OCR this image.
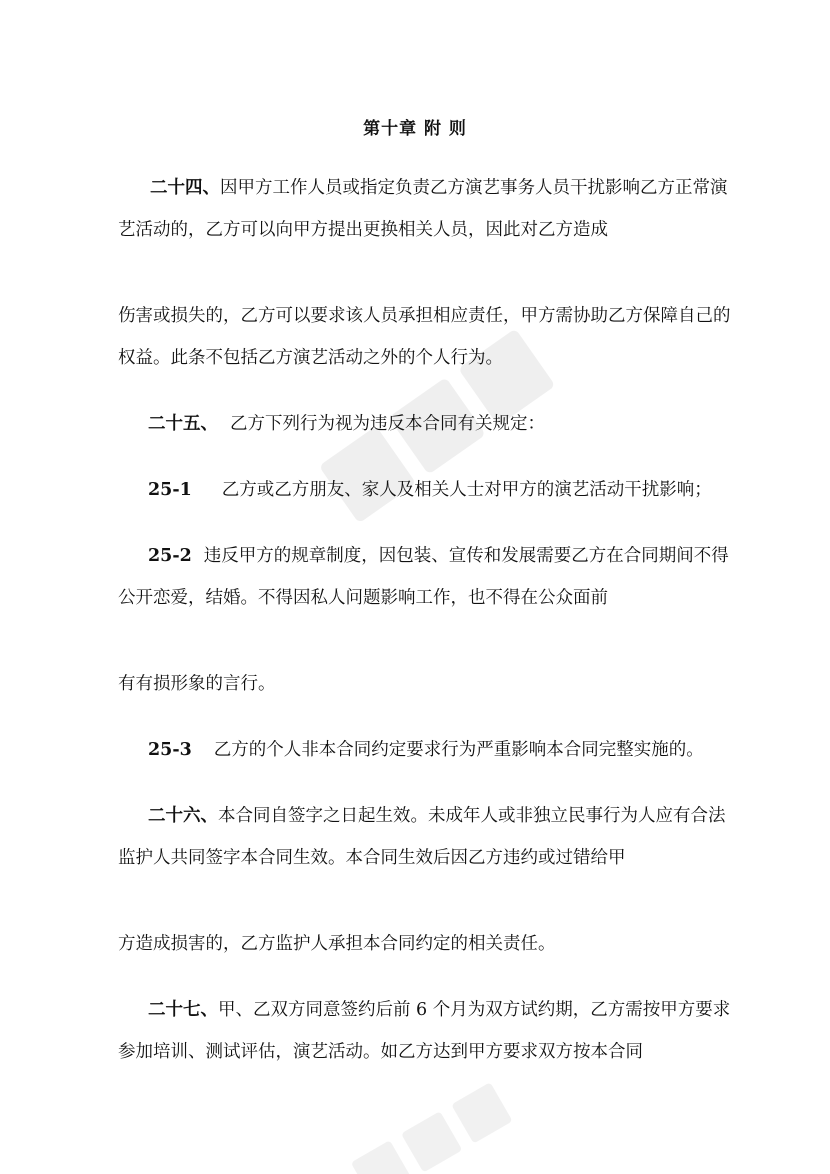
第十章 附 则
二十四、因甲方工作人员或指定负责乙方演艺事务人员干扰影响乙方正常演
艺活动的，乙方可以向甲方提出更换相关人员，因此对乙方造成
伤害或损失的，乙方可以要求该人员承担相应责任，甲方需协助乙方保障自己的
权益。此条不包括乙方演艺活动之外的个人行为。
二十五、 乙方下列行为视为违反本合同有关规定：
25-1 乙方或乙方朋友、家人及相关人士对甲方的演艺活动干扰影响；
25-2 违反甲方的规章制度，因包装、宣传和发展需要乙方在合同期间不得
公开恋爱，结婚。不得因私人问题影响工作，也不得在公众面前
有有损形象的言行。
25-3 乙方的个人非本合同约定要求行为严重影响本合同完整实施的。
二十六、本合同自签字之日起生效。未成年人或非独立民事行为人应有合法
监护人共同签字本合同生效。本合同生效后因乙方违约或过错给甲
方造成损害的，乙方监护人承担本合同约定的相关责任。
二十七、甲、乙双方同意签约后前 6 个月为双方试约期，乙方需按甲方要求
参加培训、测试评估，演艺活动。如乙方达到甲方要求双方按本合同
